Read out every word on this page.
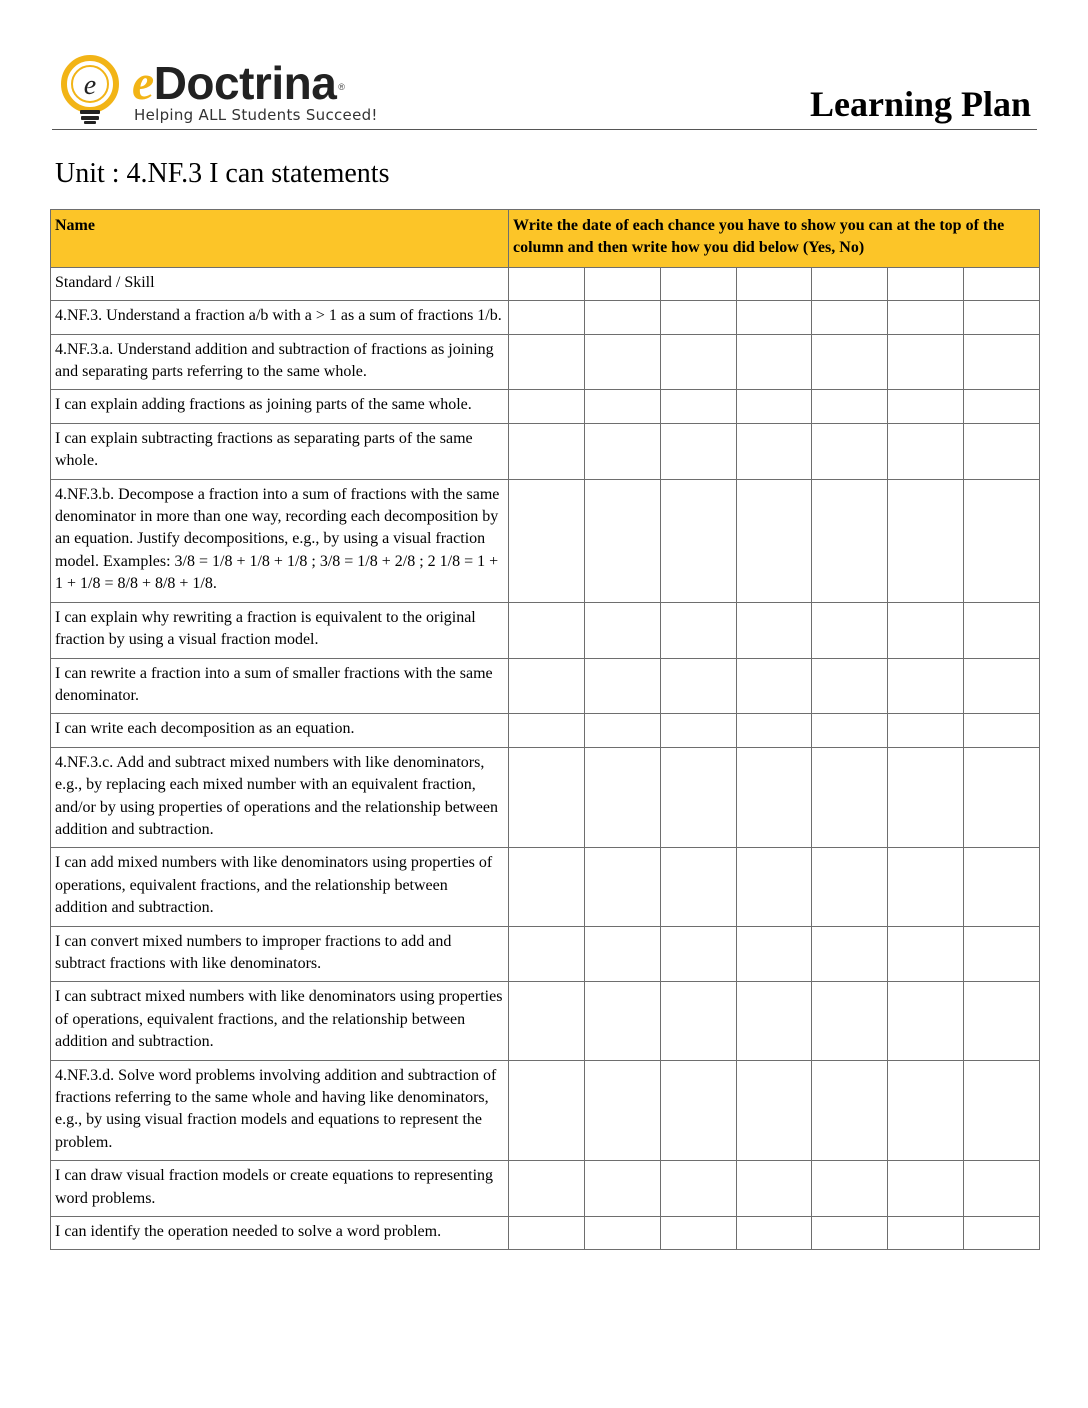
e eDoctrina ®
Helping ALL Students Succeed!	Learning Plan
Unit : 4.NF.3 I can statements
Name	Write the date of each chance you have to show you can at the top of the column and then write how you did below (Yes, No)						
Standard / Skill							
4.NF.3. Understand a fraction a/b with a > 1 as a sum of fractions 1/b.							
4.NF.3.a. Understand addition and subtraction of fractions as joining and separating parts referring to the same whole.							
I can explain adding fractions as joining parts of the same whole.							
I can explain subtracting fractions as separating parts of the same whole.							
4.NF.3.b. Decompose a fraction into a sum of fractions with the same denominator in more than one way, recording each decomposition by an equation. Justify decompositions, e.g., by using a visual fraction model. Examples: 3/8 = 1/8 + 1/8 + 1/8 ; 3/8 = 1/8 + 2/8 ; 2 1/8 = 1 + 1 + 1/8 = 8/8 + 8/8 + 1/8.							
I can explain why rewriting a fraction is equivalent to the original fraction by using a visual fraction model.							
I can rewrite a fraction into a sum of smaller fractions with the same denominator.							
I can write each decomposition as an equation.							
4.NF.3.c. Add and subtract mixed numbers with like denominators, e.g., by replacing each mixed number with an equivalent fraction, and/or by using properties of operations and the relationship between addition and subtraction.							
I can add mixed numbers with like denominators using properties of operations, equivalent fractions, and the relationship between addition and subtraction.							
I can convert mixed numbers to improper fractions to add and subtract fractions with like denominators.							
I can subtract mixed numbers with like denominators using properties of operations, equivalent fractions, and the relationship between addition and subtraction.							
4.NF.3.d. Solve word problems involving addition and subtraction of fractions referring to the same whole and having like denominators, e.g., by using visual fraction models and equations to represent the problem.							
I can draw visual fraction models or create equations to representing word problems.							
I can identify the operation needed to solve a word problem.							
